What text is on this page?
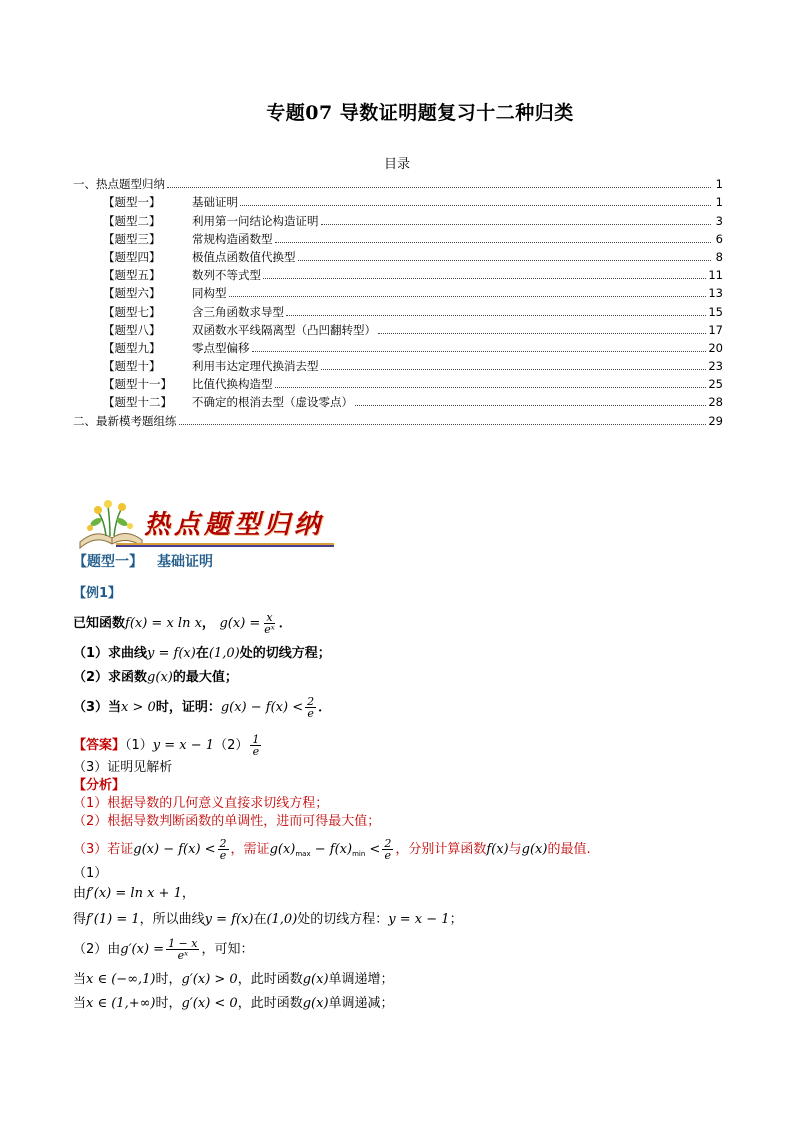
专题07 导数证明题复习十二种归类
目录
一、热点题型归纳	1
【题型一】	基础证明	1
【题型二】	利用第一问结论构造证明	3
【题型三】	常规构造函数型	6
【题型四】	极值点函数值代换型	8
【题型五】	数列不等式型	11
【题型六】	同构型	13
【题型七】	含三角函数求导型	15
【题型八】	双函数水平线隔离型（凸凹翻转型）	17
【题型九】	零点型偏移	20
【题型十】	利用韦达定理代换消去型	23
【题型十一】	比值代换构造型	25
【题型十二】	不确定的根消去型（虚设零点）	28
二、最新模考题组练	29
热点题型归纳
【题型一】 基础证明
【例1】
已知函数f(x) = x ln x， $g(x) = \frac{x}{\text{eˣ}}$ ．
（1）求曲线y = f(x)在(1,0)处的切线方程；
（2）求函数g(x)的最大值；
（3）当x > 0时，证明：$g(x) - f(x) < \frac{2}{e}$ ．
【答案】$(1)y = x - 1(2) \frac{1}{e}$
（3）证明见解析
【分析】
（1）根据导数的几何意义直接求切线方程；
（2）根据导数判断函数的单调性，进而可得最大值；
（3）若证$g(x) - f(x) < \frac{2}{e}$ ，需证$g(x)_{max} - f(x)_{min} < \frac{2}{e}$ ，分别计算函数f(x)与g(x)的最值.
（1）
由f′(x) = ln x + 1，
得f′(1) = 1，所以曲线y = f(x)在(1,0)处的切线方程：y = x − 1；
（2）由$g'(x) = \frac{1 - x}{\text{eˣ}}$ ，可知：
当x ∈ (−∞,1)时，g′(x) > 0，此时函数g(x)单调递增；
当x ∈ (1,+∞)时，g′(x) < 0，此时函数g(x)单调递减；
